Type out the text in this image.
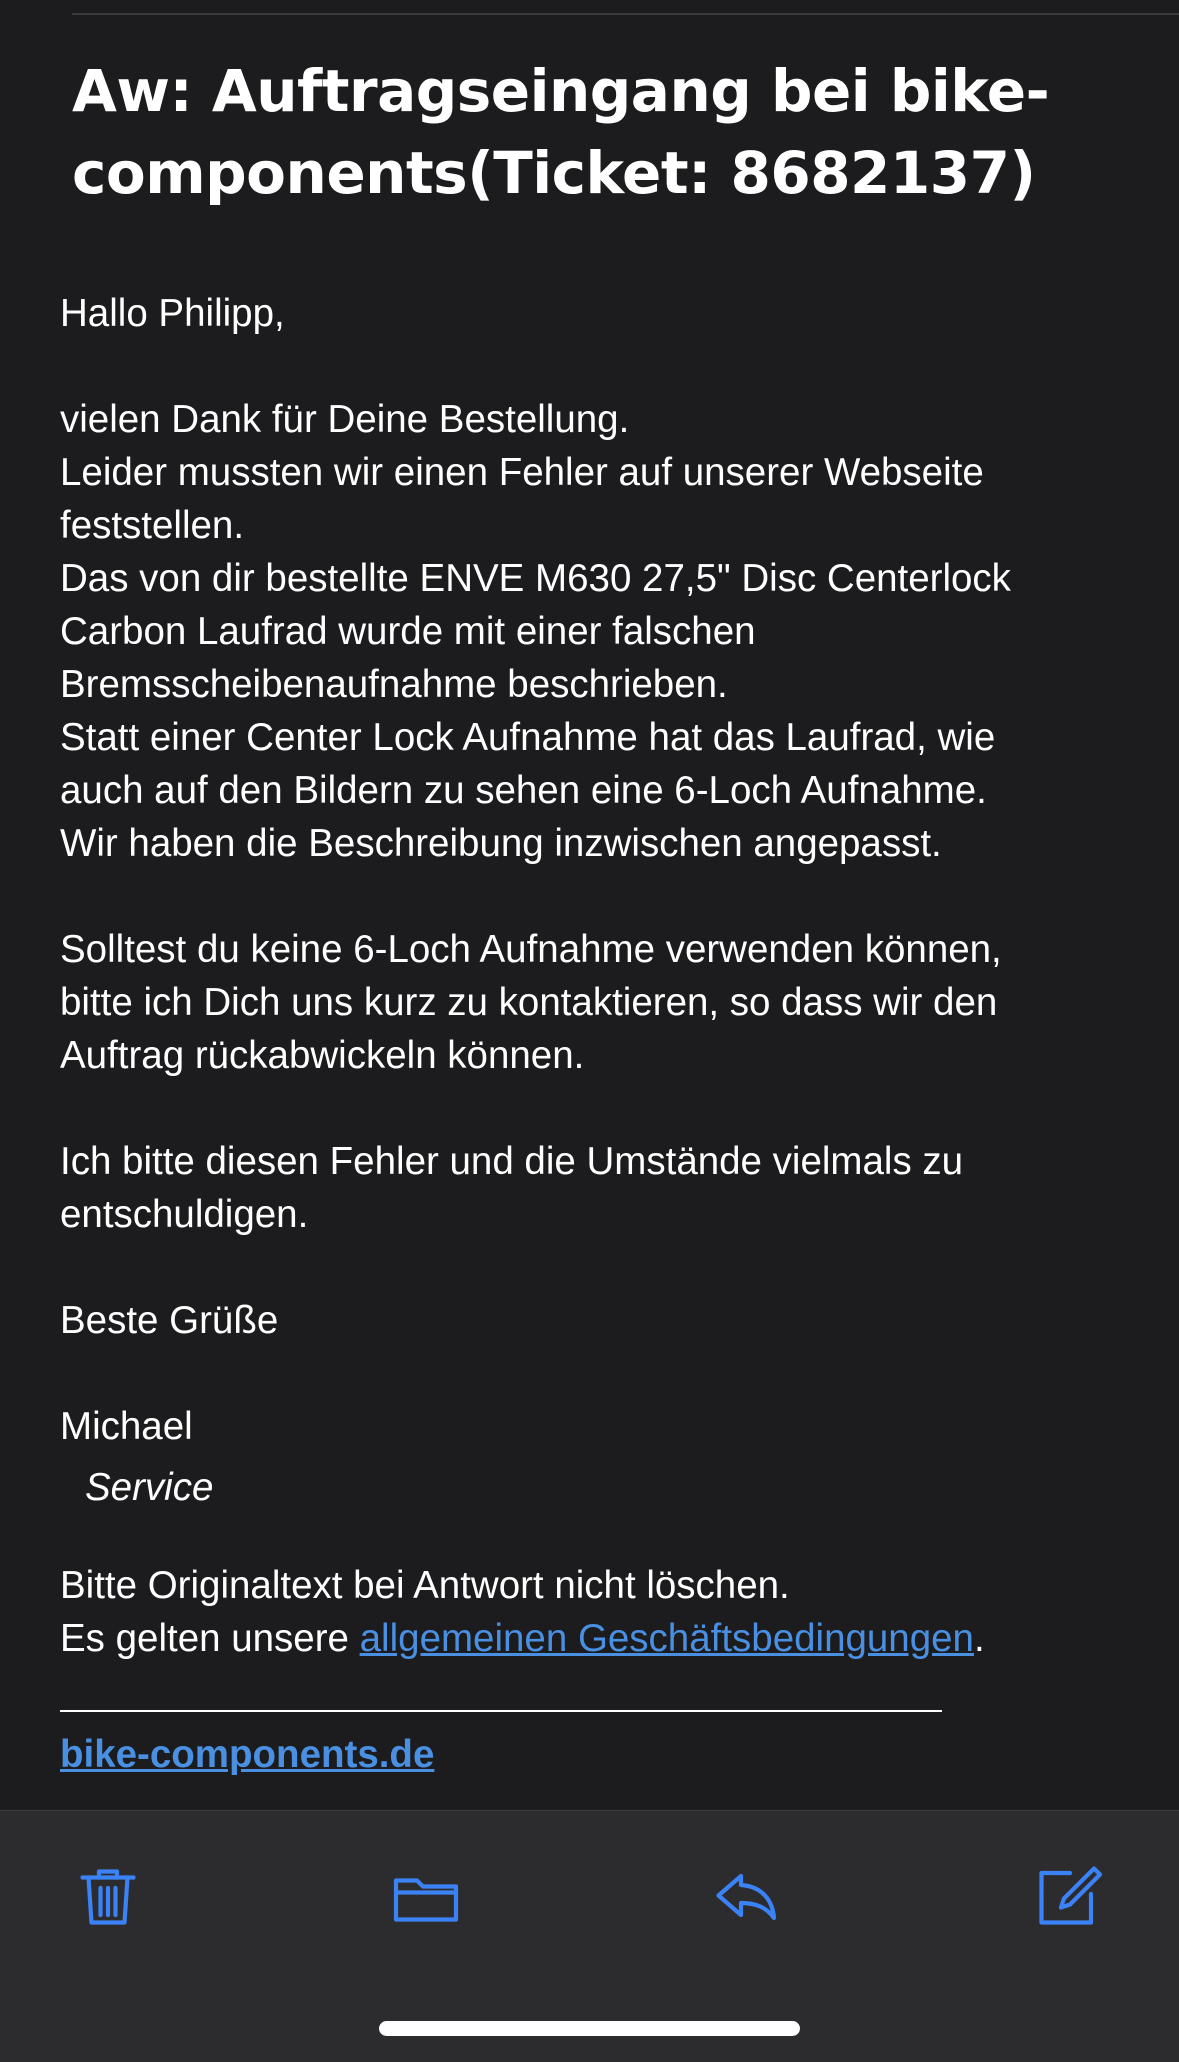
Aw: Auftragseingang bei bike-
components(Ticket: 8682137)
Hallo Philipp,
vielen Dank für Deine Bestellung.
Leider mussten wir einen Fehler auf unserer Webseite
feststellen.
Das von dir bestellte ENVE M630 27,5" Disc Centerlock
Carbon Laufrad wurde mit einer falschen
Bremsscheibenaufnahme beschrieben.
Statt einer Center Lock Aufnahme hat das Laufrad, wie
auch auf den Bildern zu sehen eine 6-Loch Aufnahme.
Wir haben die Beschreibung inzwischen angepasst.
Solltest du keine 6-Loch Aufnahme verwenden können,
bitte ich Dich uns kurz zu kontaktieren, so dass wir den
Auftrag rückabwickeln können.
Ich bitte diesen Fehler und die Umstände vielmals zu
entschuldigen.
Beste Grüße
Michael
Service
Bitte Originaltext bei Antwort nicht löschen.
Es gelten unsere allgemeinen Geschäftsbedingungen.
bike-components.de
